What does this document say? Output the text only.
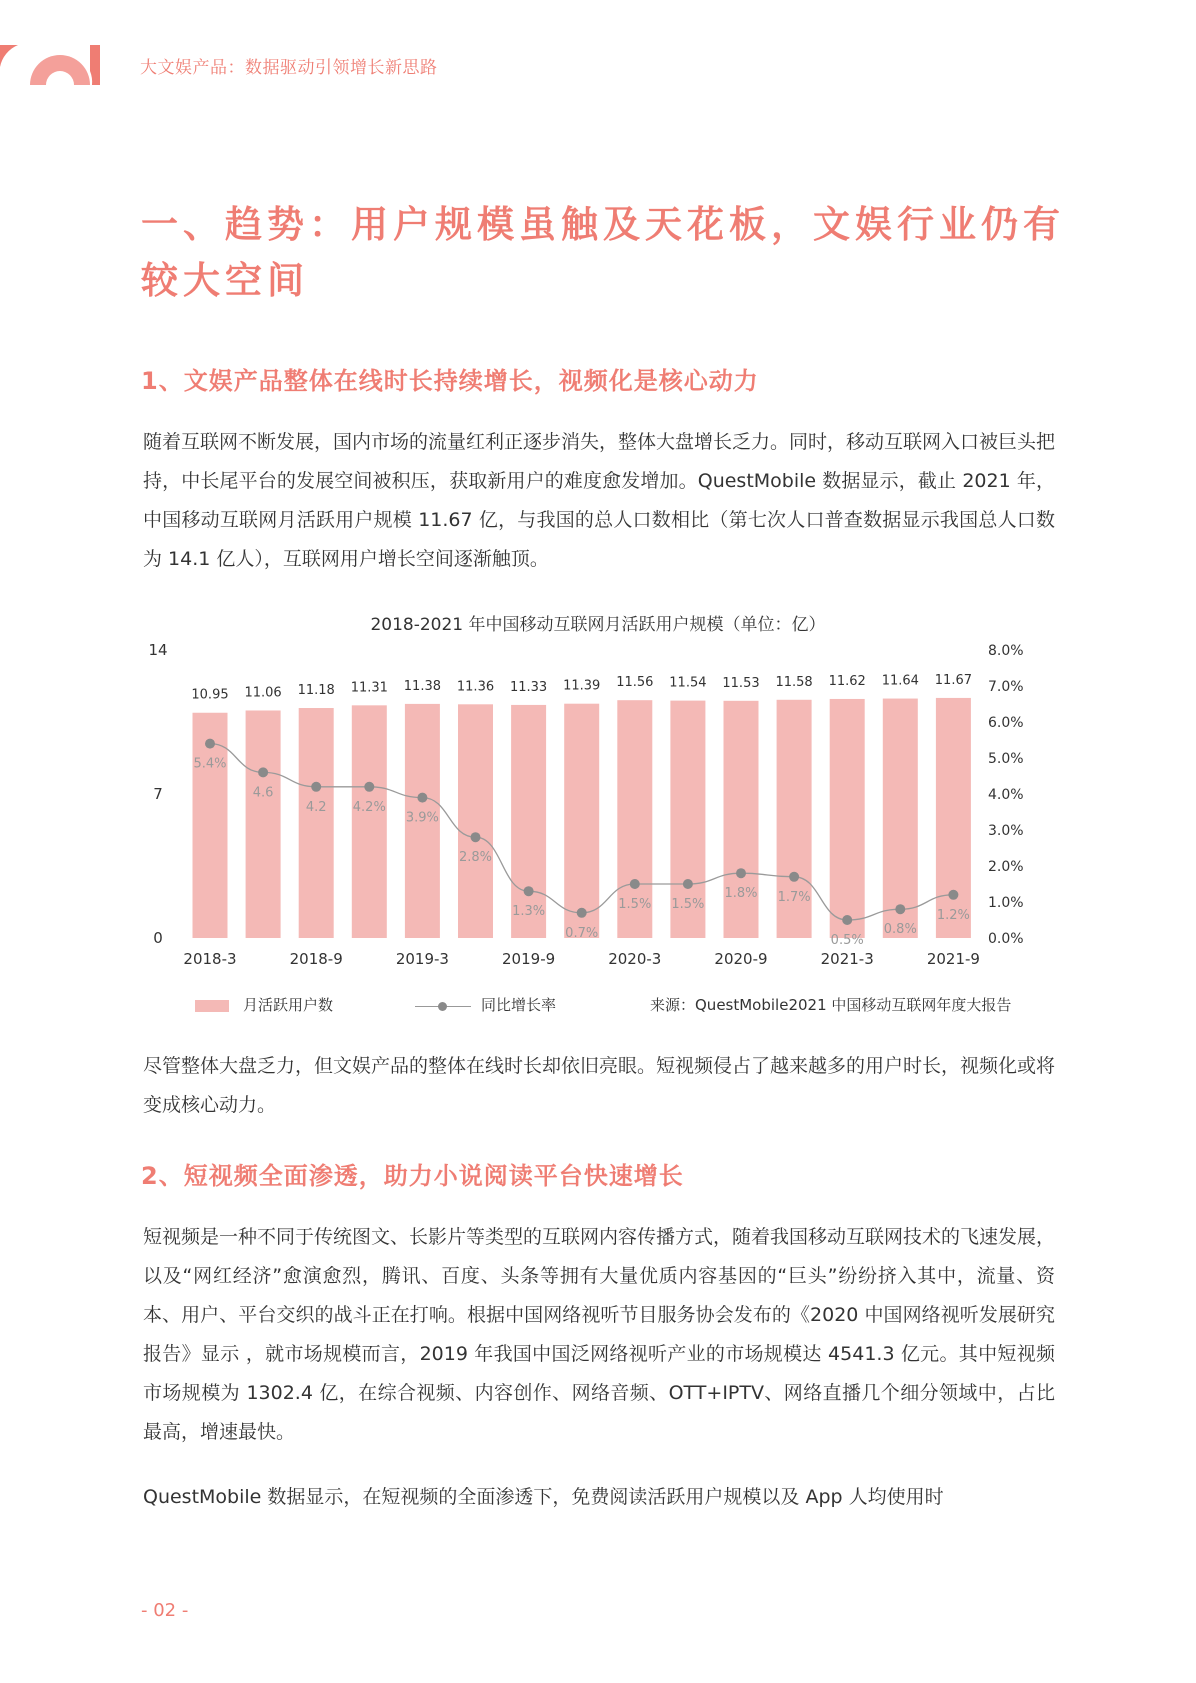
大文娱产品：数据驱动引领增长新思路
一、趋势：用户规模虽触及天花板，文娱行业仍有较大空间
1、文娱产品整体在线时长持续增长，视频化是核心动力
随着互联网不断发展，国内市场的流量红利正逐步消失，整体大盘增长乏力。同时，移动互联网入口被巨头把持，中长尾平台的发展空间被积压，获取新用户的难度愈发增加。QuestMobile 数据显示，截止 2021 年，中国移动互联网月活跃用户规模 11.67 亿，与我国的总人口数相比（第七次人口普查数据显示我国总人口数为 14.1 亿人），互联网用户增长空间逐渐触顶。
2018-2021 年中国移动互联网月活跃用户规模（单位：亿）
0
7
14
0.0%
1.0%
2.0%
3.0%
4.0%
5.0%
6.0%
7.0%
8.0%
10.95 11.06 11.18 11.31 11.38 11.36 11.33 11.39 11.56 11.54 11.53 11.58 11.62 11.64 11.67
5.4%
4.6
4.2 4.2%
3.9%
2.8%
1.3%
0.7%
1.5% 1.5%
1.8% 1.7%
0.5%
0.8%
1.2%
2018-3	2018-9	2019-3	2019-9	2020-3	2020-9	2021-3	2021-9
月活跃用户数	同比增长率	来源：QuestMobile2021 中国移动互联网年度大报告
尽管整体大盘乏力，但文娱产品的整体在线时长却依旧亮眼。短视频侵占了越来越多的用户时长，视频化或将变成核心动力。
2、短视频全面渗透，助力小说阅读平台快速增长
短视频是一种不同于传统图文、长影片等类型的互联网内容传播方式，随着我国移动互联网技术的飞速发展，以及“网红经济”愈演愈烈，腾讯、百度、头条等拥有大量优质内容基因的“巨头”纷纷挤入其中，流量、资本、用户、平台交织的战斗正在打响。根据中国网络视听节目服务协会发布的《2020 中国网络视听发展研究报告》显示 ，就市场规模而言，2019 年我国中国泛网络视听产业的市场规模达 4541.3 亿元。其中短视频市场规模为 1302.4 亿，在综合视频、内容创作、网络音频、OTT+IPTV、网络直播几个细分领域中，占比最高，增速最快。
QuestMobile 数据显示，在短视频的全面渗透下，免费阅读活跃用户规模以及 App 人均使用时
- 02 -
